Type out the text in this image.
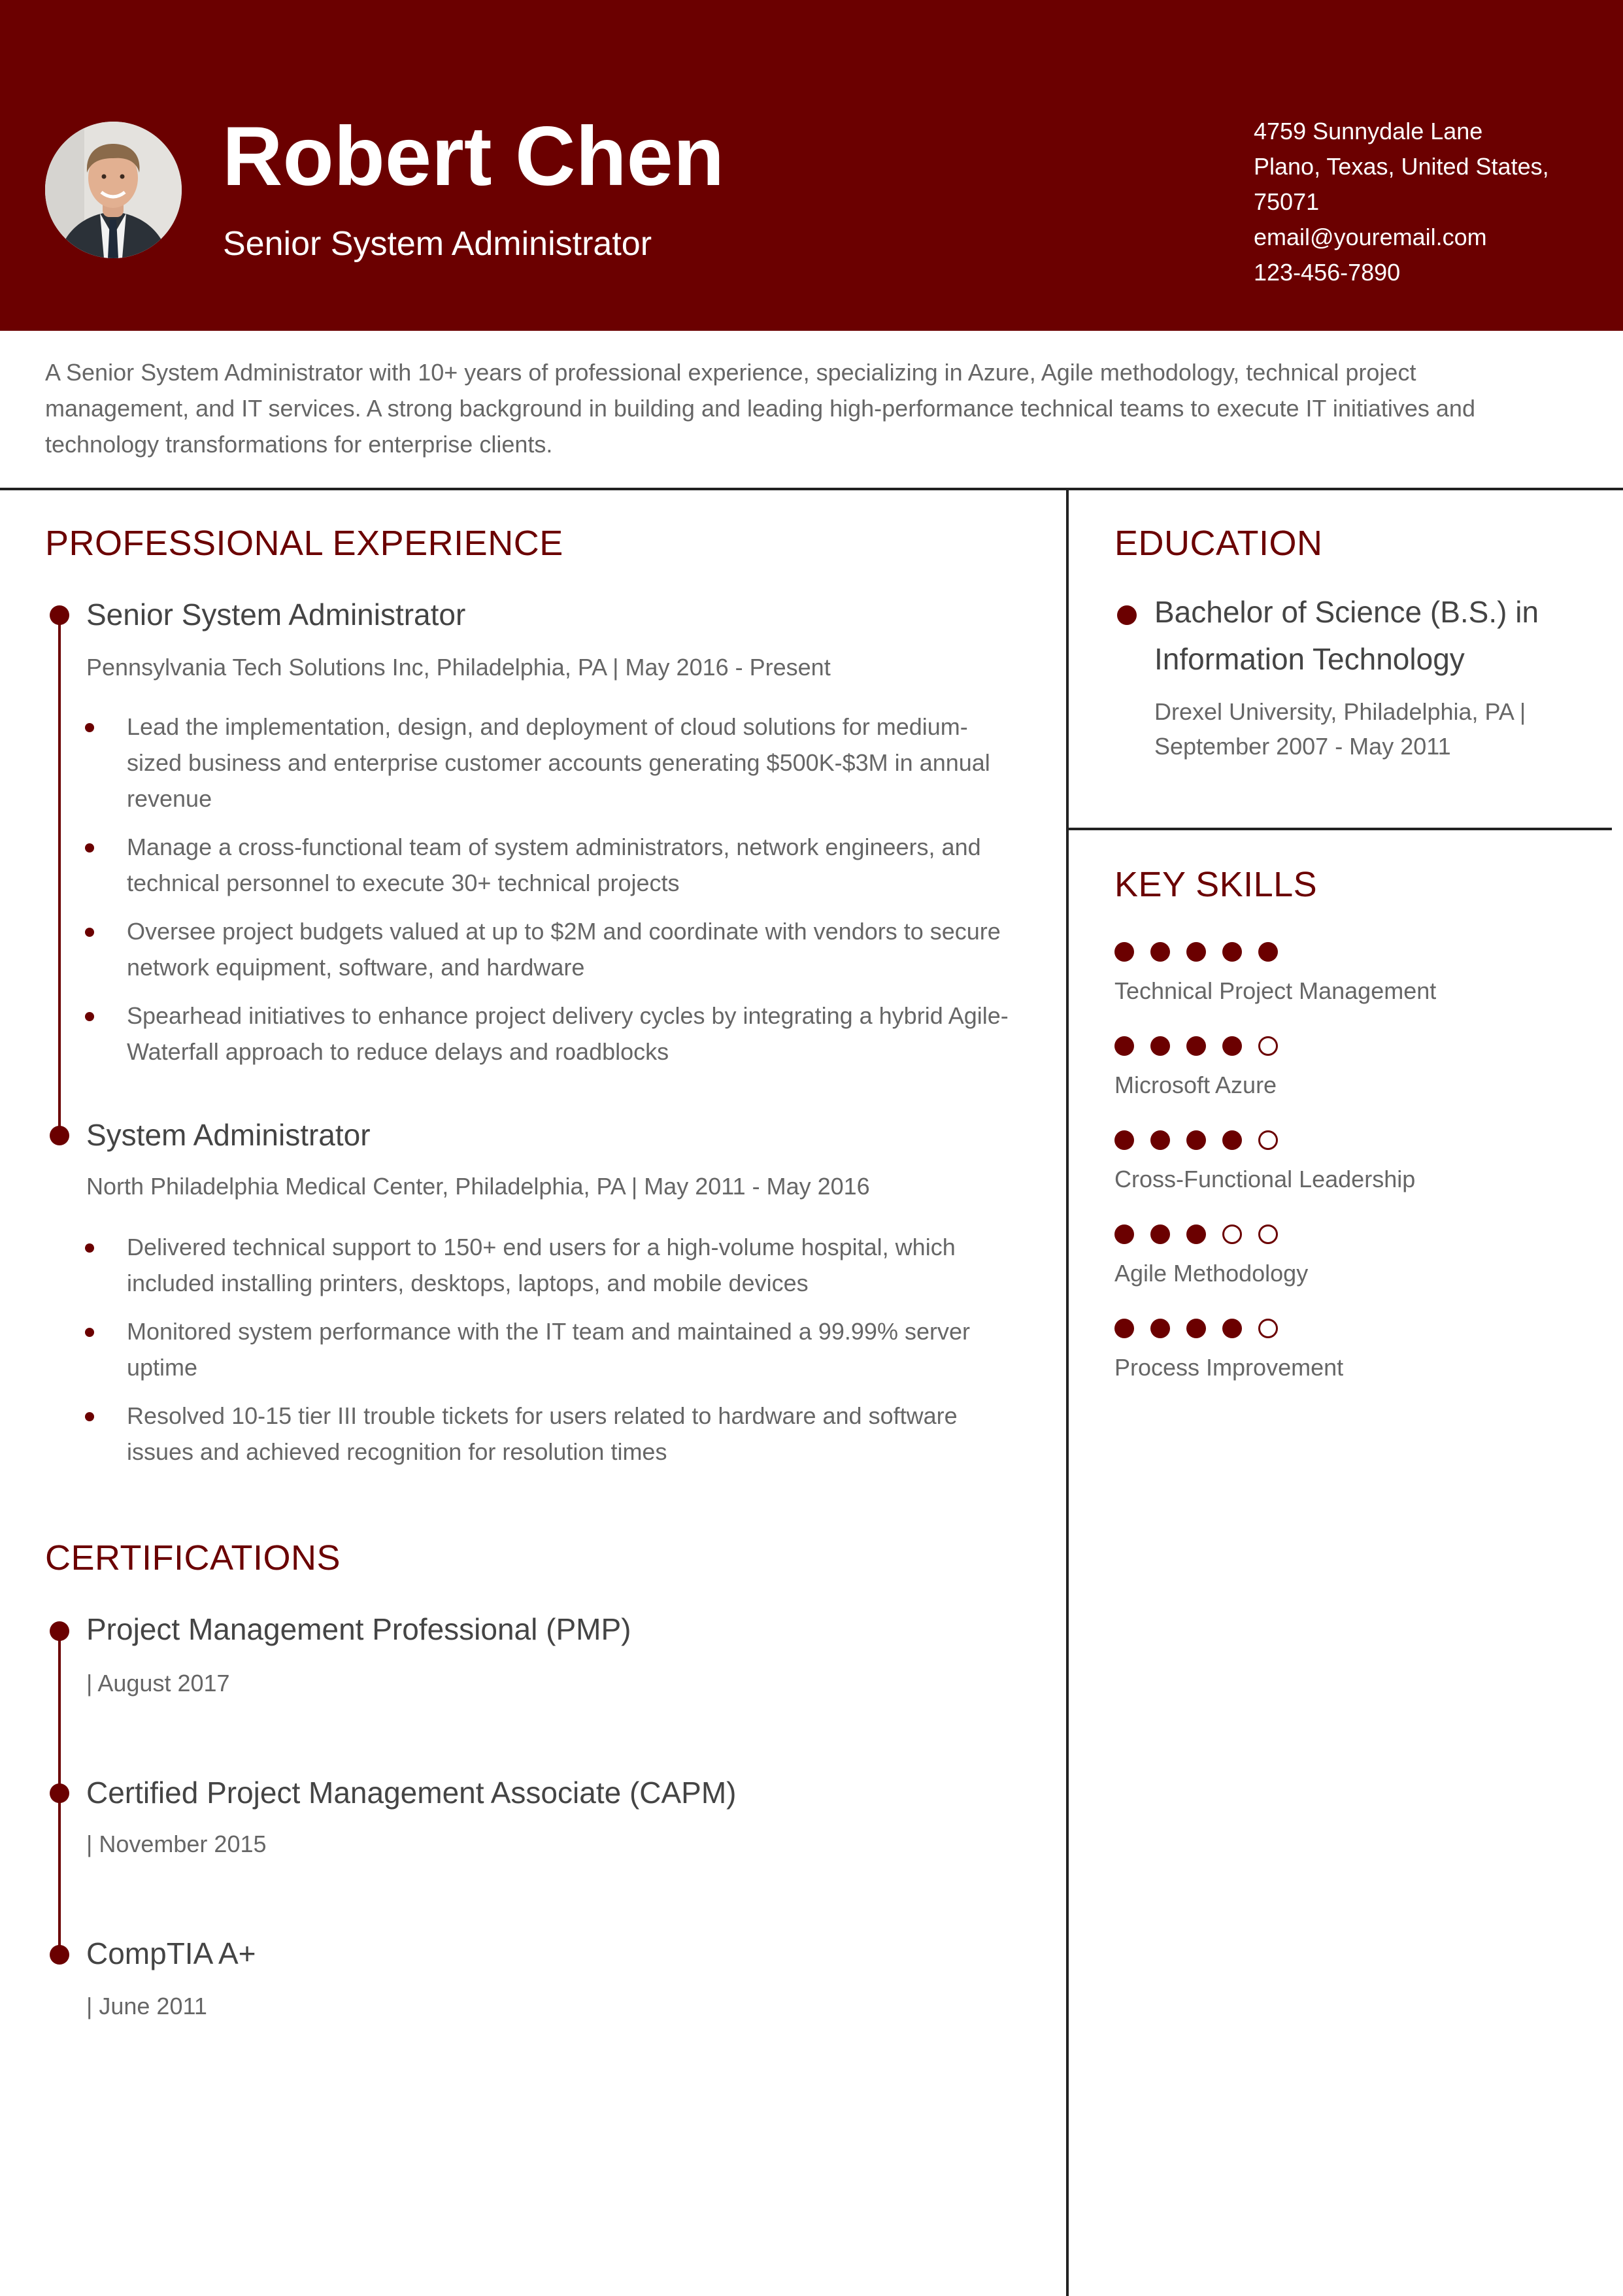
Robert Chen
Senior System Administrator
4759 Sunnydale Lane
Plano, Texas, United States,
75071
email@youremail.com
123-456-7890
A Senior System Administrator with 10+ years of professional experience, specializing in Azure, Agile methodology, technical project management, and IT services. A strong background in building and leading high-performance technical teams to execute IT initiatives and technology transformations for enterprise clients.
PROFESSIONAL EXPERIENCE
Senior System Administrator
Pennsylvania Tech Solutions Inc, Philadelphia, PA | May 2016 - Present
Lead the implementation, design, and deployment of cloud solutions for medium-sized business and enterprise customer accounts generating $500K-$3M in annual revenue
Manage a cross-functional team of system administrators, network engineers, and technical personnel to execute 30+ technical projects
Oversee project budgets valued at up to $2M and coordinate with vendors to secure network equipment, software, and hardware
Spearhead initiatives to enhance project delivery cycles by integrating a hybrid Agile-Waterfall approach to reduce delays and roadblocks
System Administrator
North Philadelphia Medical Center, Philadelphia, PA | May 2011 - May 2016
Delivered technical support to 150+ end users for a high-volume hospital, which included installing printers, desktops, laptops, and mobile devices
Monitored system performance with the IT team and maintained a 99.99% server uptime
Resolved 10-15 tier III trouble tickets for users related to hardware and software issues and achieved recognition for resolution times
CERTIFICATIONS
Project Management Professional (PMP)
| August 2017
Certified Project Management Associate (CAPM)
| November 2015
CompTIA A+
| June 2011
EDUCATION
Bachelor of Science (B.S.) in Information Technology
Drexel University, Philadelphia, PA | September 2007 - May 2011
KEY SKILLS
Technical Project Management
Microsoft Azure
Cross-Functional Leadership
Agile Methodology
Process Improvement
